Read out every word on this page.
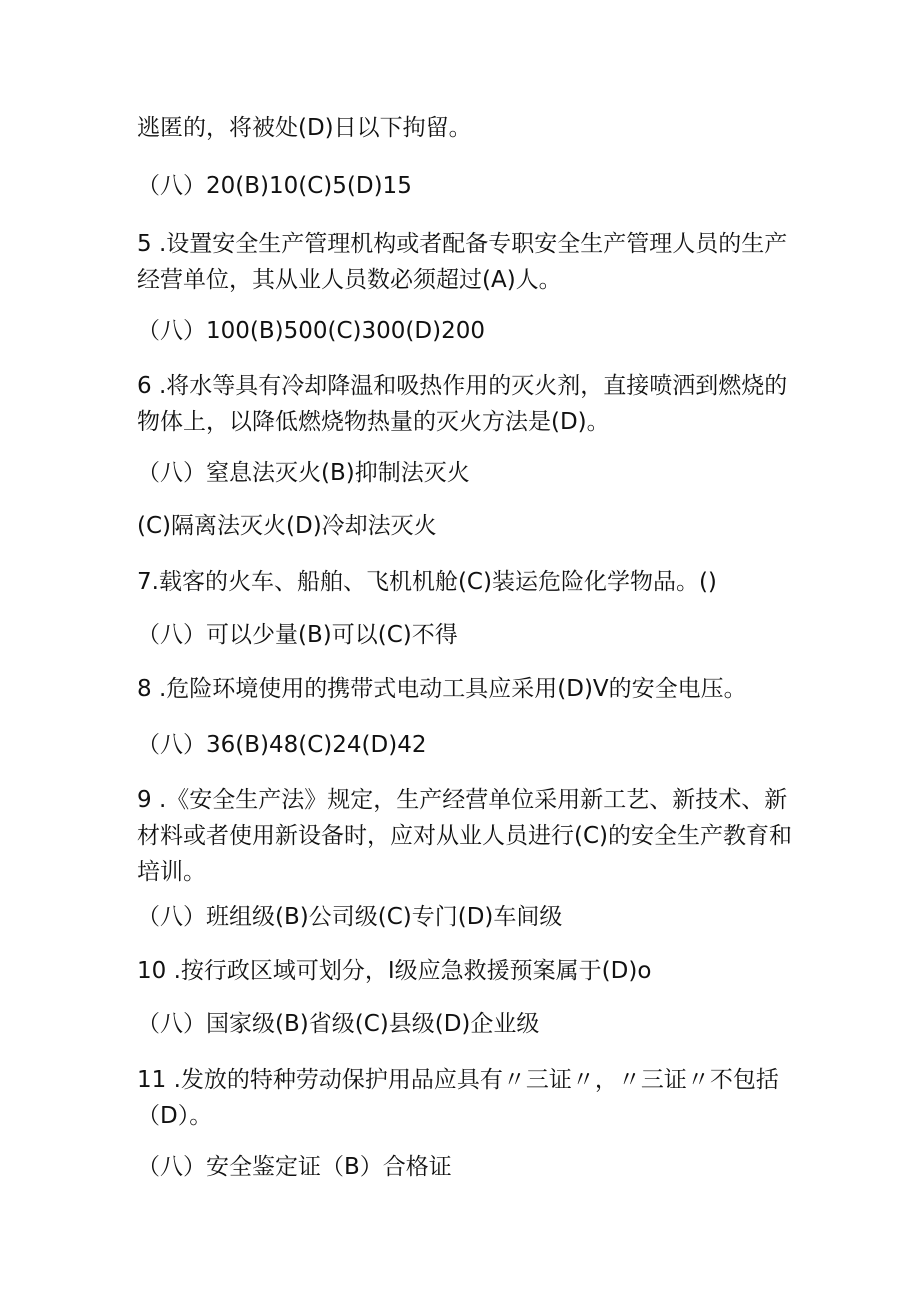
逃匿的，将被处(D)日以下拘留。

（八）20(B)10(C)5(D)15

5 .设置安全生产管理机构或者配备专职安全生产管理人员的生产经营单位，其从业人员数必须超过(A)人。

（八）100(B)500(C)300(D)200

6 .将水等具有冷却降温和吸热作用的灭火剂，直接喷洒到燃烧的物体上，以降低燃烧物热量的灭火方法是(D)。

（八）窒息法灭火(B)抑制法灭火

(C)隔离法灭火(D)冷却法灭火

7.载客的火车、船舶、飞机机舱(C)装运危险化学物品。()

（八）可以少量(B)可以(C)不得

8 .危险环境使用的携带式电动工具应采用(D)V的安全电压。

（八）36(B)48(C)24(D)42

9 .《安全生产法》规定，生产经营单位采用新工艺、新技术、新材料或者使用新设备时，应对从业人员进行(C)的安全生产教育和培训。

（八）班组级(B)公司级(C)专门(D)车间级

10 .按行政区域可划分，I级应急救援预案属于(D)o

（八）国家级(B)省级(C)县级(D)企业级

11 .发放的特种劳动保护用品应具有〃三证〃，〃三证〃不包括（D）。

（八）安全鉴定证（B）合格证
